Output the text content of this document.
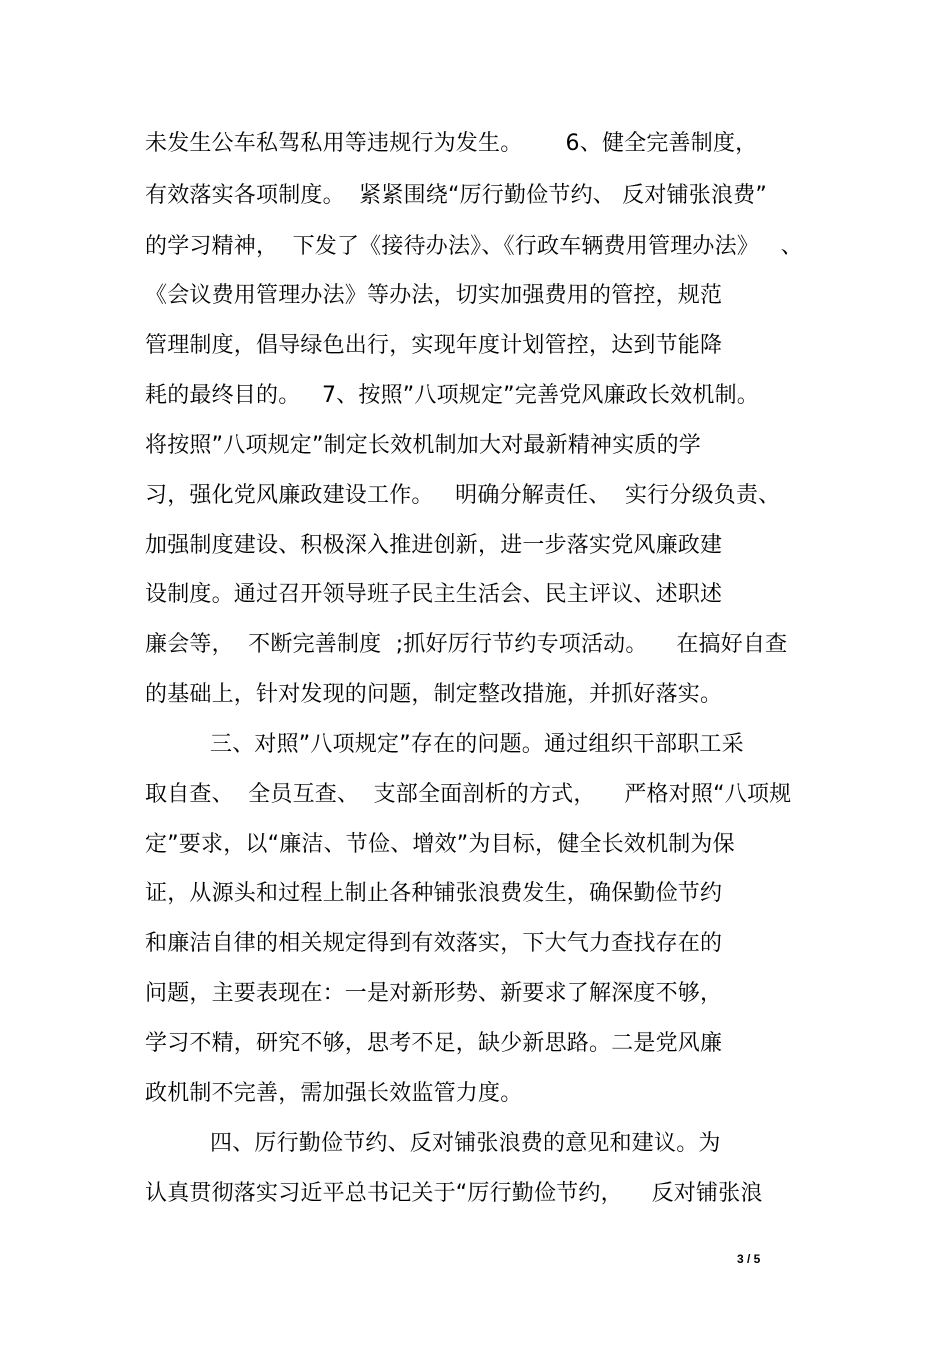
未发生公车私驾私用等违规行为发生。      6、健全完善制度，
有效落实各项制度。  紧紧围绕“厉行勤俭节约、 反对铺张浪费”
的学习精神，  下发了《接待办法》、《行政车辆费用管理办法》   、
《会议费用管理办法》等办法，切实加强费用的管控，规范
管理制度，倡导绿色出行，实现年度计划管控，达到节能降
耗的最终目的。   7、按照”八项规定”完善党风廉政长效机制。
将按照”八项规定”制定长效机制加大对最新精神实质的学
习，强化党风廉政建设工作。   明确分解责任、  实行分级负责、
加强制度建设、积极深入推进创新，进一步落实党风廉政建
设制度。通过召开领导班子民主生活会、民主评议、述职述
廉会等，  不断完善制度  ;抓好厉行节约专项活动。    在搞好自查
的基础上，针对发现的问题，制定整改措施，并抓好落实。
三、对照”八项规定”存在的问题。通过组织干部职工采
取自查、  全员互查、  支部全面剖析的方式，    严格对照“八项规
定”要求，以“廉洁、节俭、增效”为目标，健全长效机制为保
证，从源头和过程上制止各种铺张浪费发生，确保勤俭节约
和廉洁自律的相关规定得到有效落实，下大气力查找存在的
问题，主要表现在：一是对新形势、新要求了解深度不够，
学习不精，研究不够，思考不足，缺少新思路。二是党风廉
政机制不完善，需加强长效监管力度。
四、厉行勤俭节约、反对铺张浪费的意见和建议。为
认真贯彻落实习近平总书记关于“厉行勤俭节约，    反对铺张浪
3 / 5
